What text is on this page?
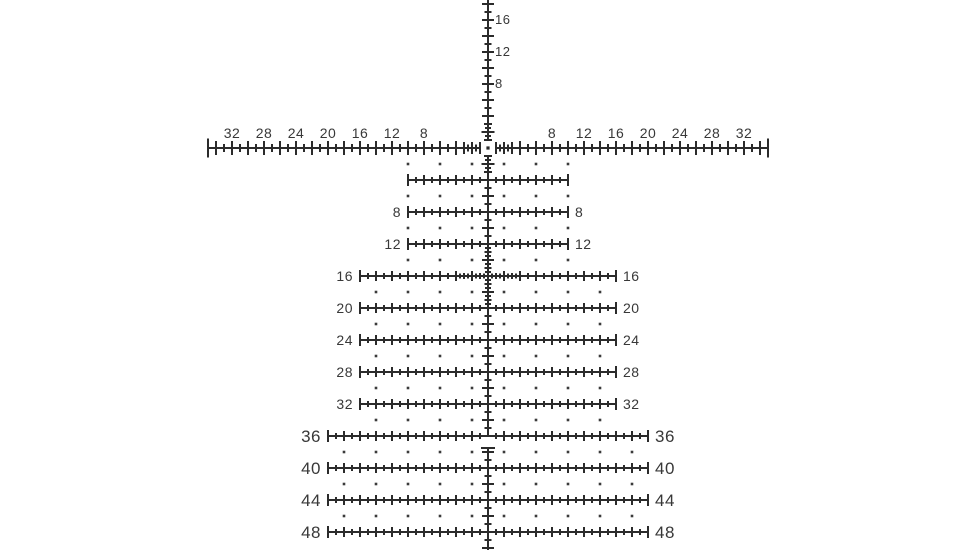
8
12
16
20
24
28
32	8 12 16 20 24 28 32
8
12
16
8	8
12	12
16	16
20	20
24	24
28	28
32	32
36	36
40	40
44	44
48	48
